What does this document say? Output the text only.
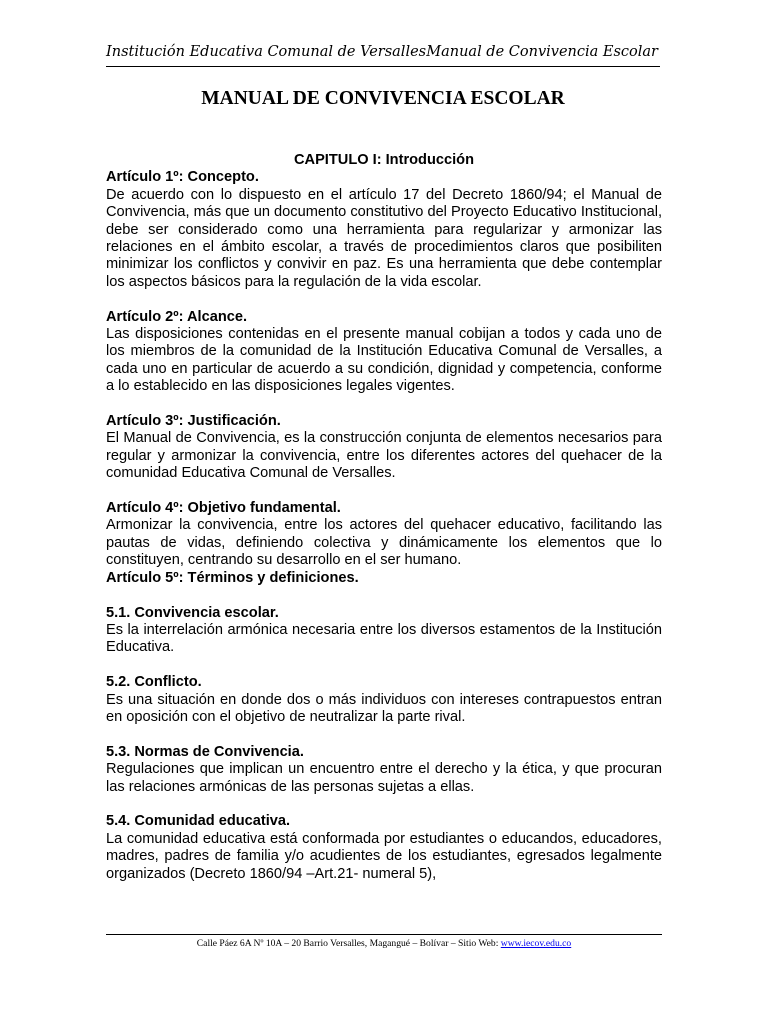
Institución Educativa Comunal de Versalles Manual de Convivencia Escolar
MANUAL DE CONVIVENCIA ESCOLAR

CAPITULO I: Introducción

Artículo 1º: Concepto.

De acuerdo con lo dispuesto en el artículo 17 del Decreto 1860/94; el Manual de Convivencia, más que un documento constitutivo del Proyecto Educativo Institucional, debe ser considerado como una herramienta para regularizar y armonizar las relaciones en el ámbito escolar, a través de procedimientos claros que posibiliten minimizar los conflictos y convivir en paz. Es una herramienta que debe contemplar los aspectos básicos para la regulación de la vida escolar.

Artículo 2º: Alcance.

Las disposiciones contenidas en el presente manual cobijan a todos y cada uno de los miembros de la comunidad de la Institución Educativa Comunal de Versalles, a cada uno en particular de acuerdo a su condición, dignidad y competencia, conforme a lo establecido en las disposiciones legales vigentes.

Artículo 3º: Justificación.

El Manual de Convivencia, es la construcción conjunta de elementos necesarios para regular y armonizar la convivencia, entre los diferentes actores del quehacer de la comunidad Educativa Comunal de Versalles.

Artículo 4º: Objetivo fundamental.

Armonizar la convivencia, entre los actores del quehacer educativo, facilitando las pautas de vidas, definiendo colectiva y dinámicamente los elementos que lo constituyen, centrando su desarrollo en el ser humano.

Artículo 5º: Términos y definiciones.

5.1. Convivencia escolar.

Es la interrelación armónica necesaria entre los diversos estamentos de la Institución Educativa.

5.2. Conflicto.

Es una situación en donde dos o más individuos con intereses contrapuestos entran en oposición con el objetivo de neutralizar la parte rival.

5.3. Normas de Convivencia.

Regulaciones que implican un encuentro entre el derecho y la ética, y que procuran las relaciones armónicas de las personas sujetas a ellas.

5.4. Comunidad educativa.

La comunidad educativa está conformada por estudiantes o educandos, educadores, madres, padres de familia y/o acudientes de los estudiantes, egresados legalmente organizados (Decreto 1860/94 –Art.21- numeral 5),

Calle Páez 6A Nº 10A – 20 Barrio Versalles, Magangué – Bolívar – Sitio Web: www.iecov.edu.co
